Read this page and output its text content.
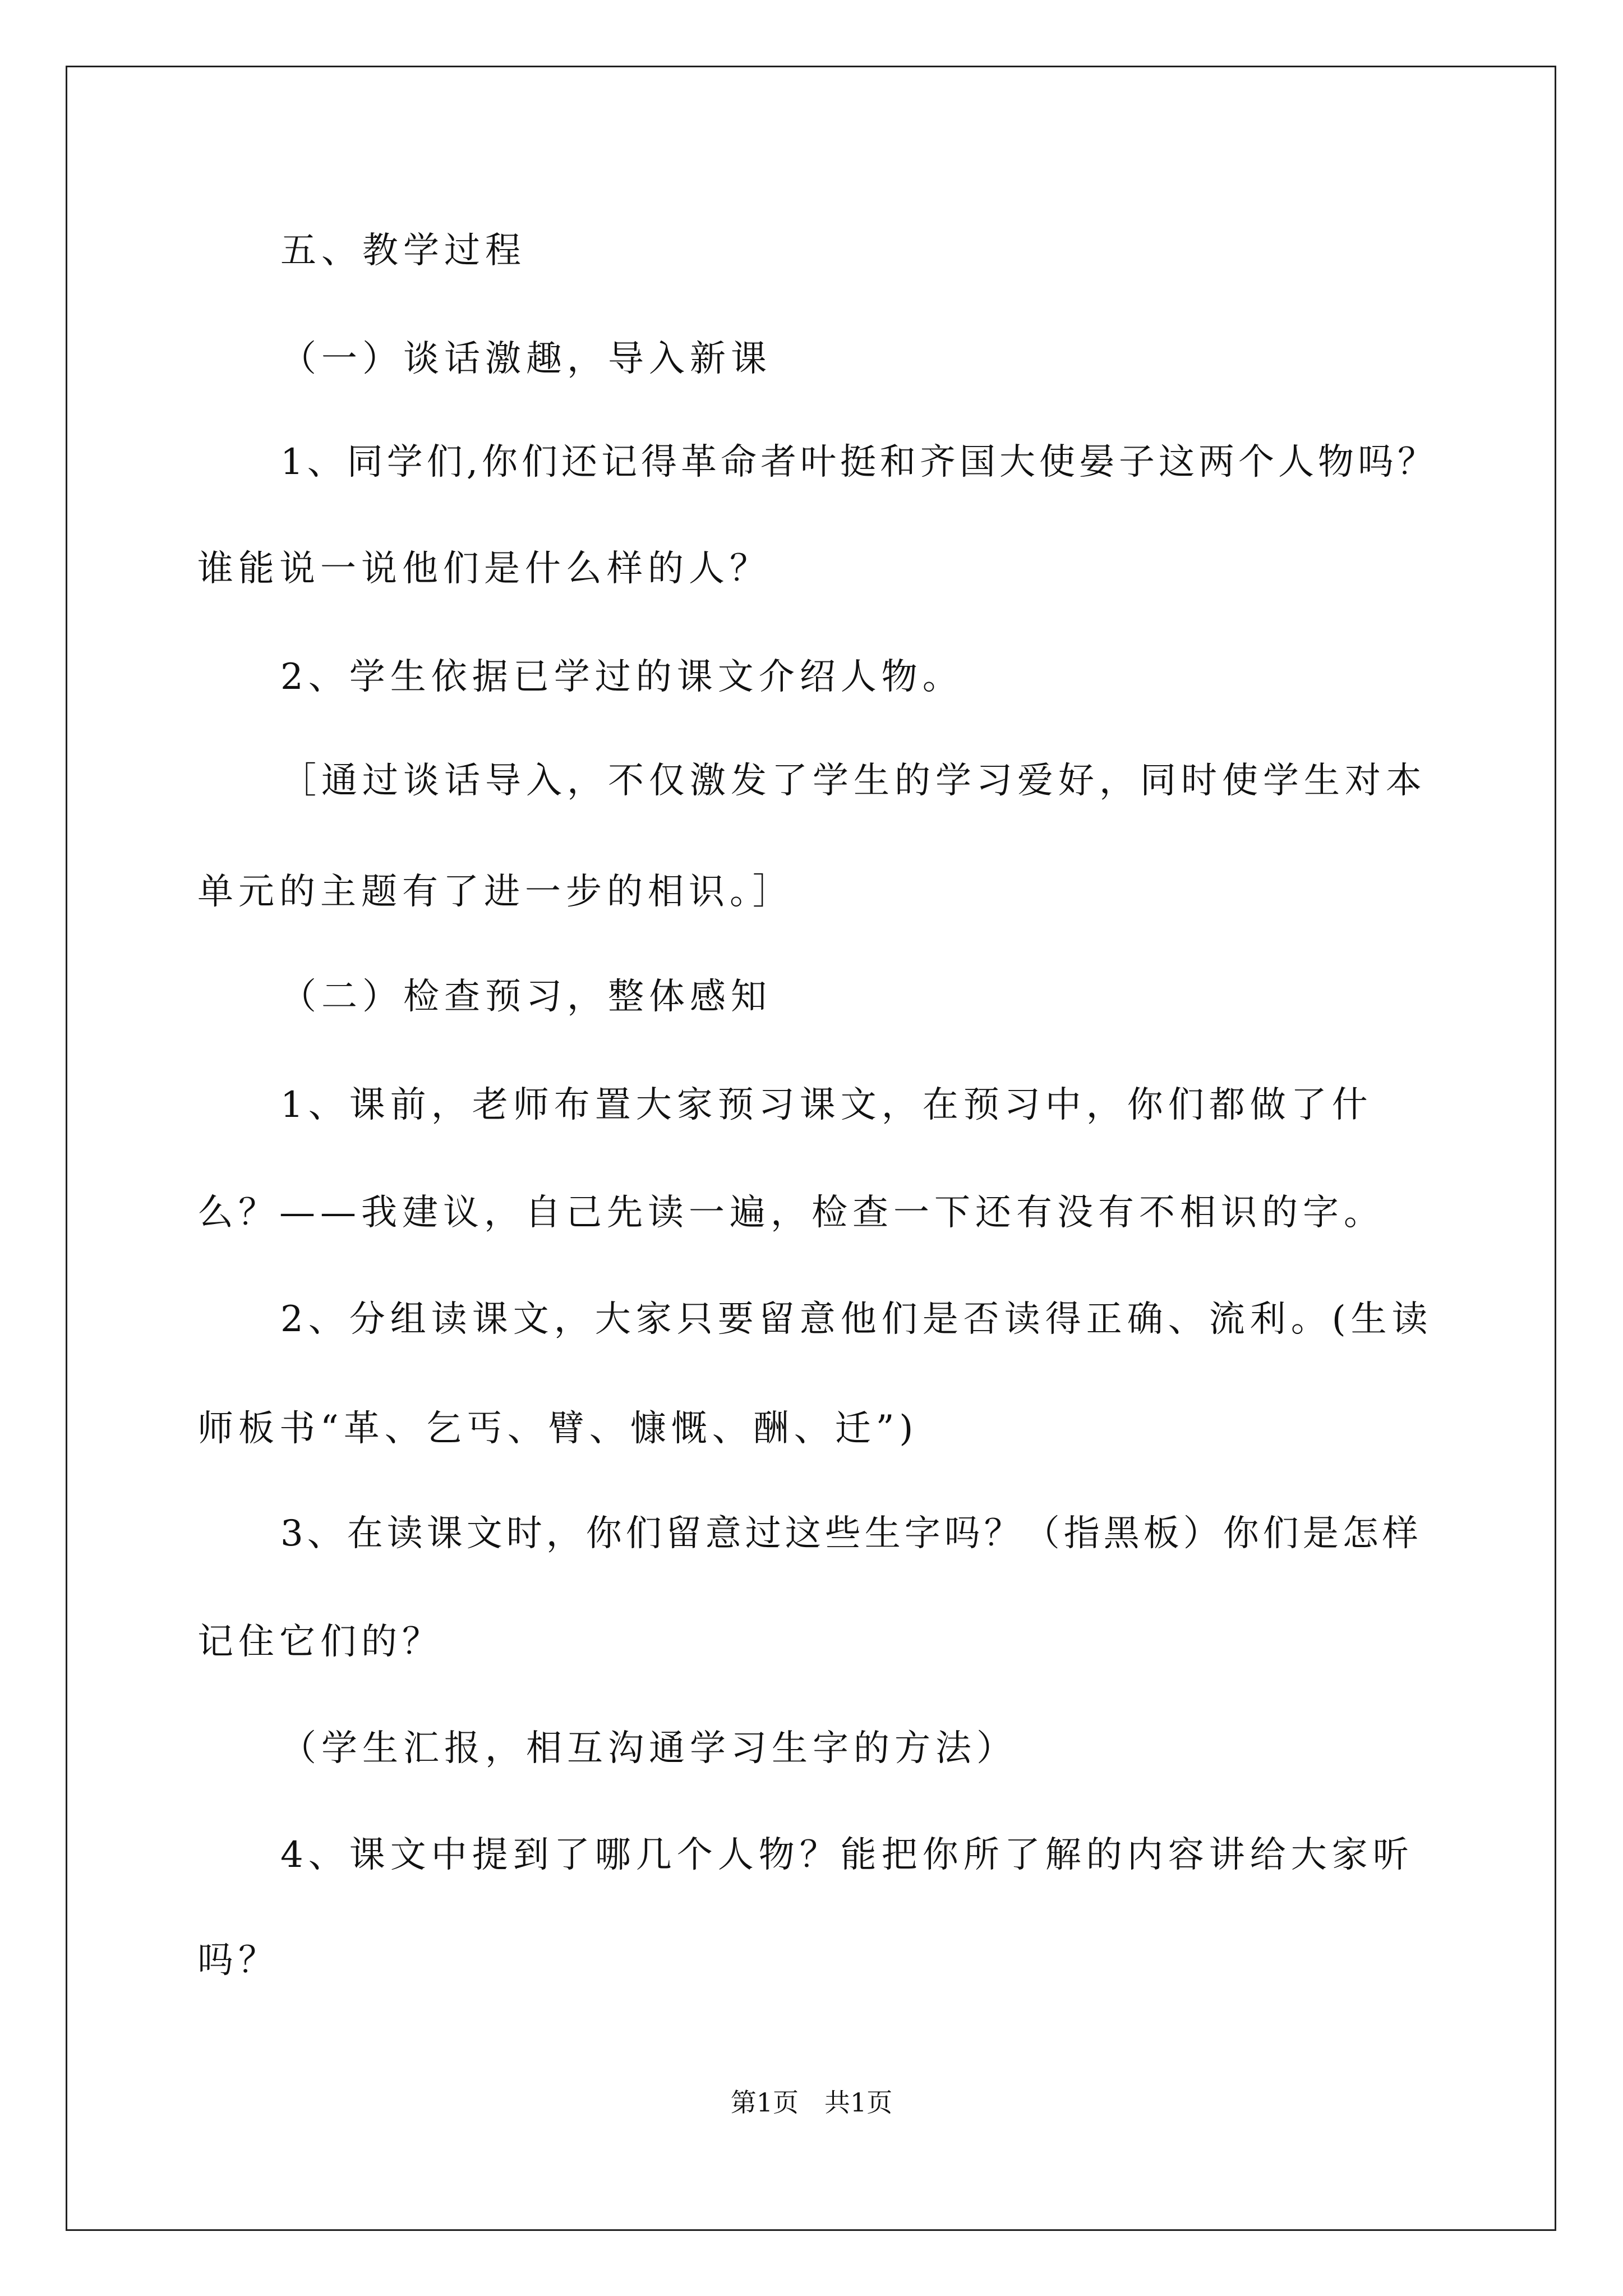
五、教学过程
（一）谈话激趣，导入新课
1、同学们,你们还记得革命者叶挺和齐国大使晏子这两个人物吗？
谁能说一说他们是什么样的人？
2、学生依据已学过的课文介绍人物。
［通过谈话导入，不仅激发了学生的学习爱好，同时使学生对本
单元的主题有了进一步的相识。］
（二）检查预习，整体感知
1、课前，老师布置大家预习课文，在预习中，你们都做了什
么？——我建议，自己先读一遍，检查一下还有没有不相识的字。
2、分组读课文，大家只要留意他们是否读得正确、流利。(生读
师板书“革、乞丐、臂、慷慨、酬、迁”)
3、在读课文时，你们留意过这些生字吗？（指黑板）你们是怎样
记住它们的？
（学生汇报，相互沟通学习生字的方法）
4、课文中提到了哪几个人物？能把你所了解的内容讲给大家听
吗？
第1页　共1页
